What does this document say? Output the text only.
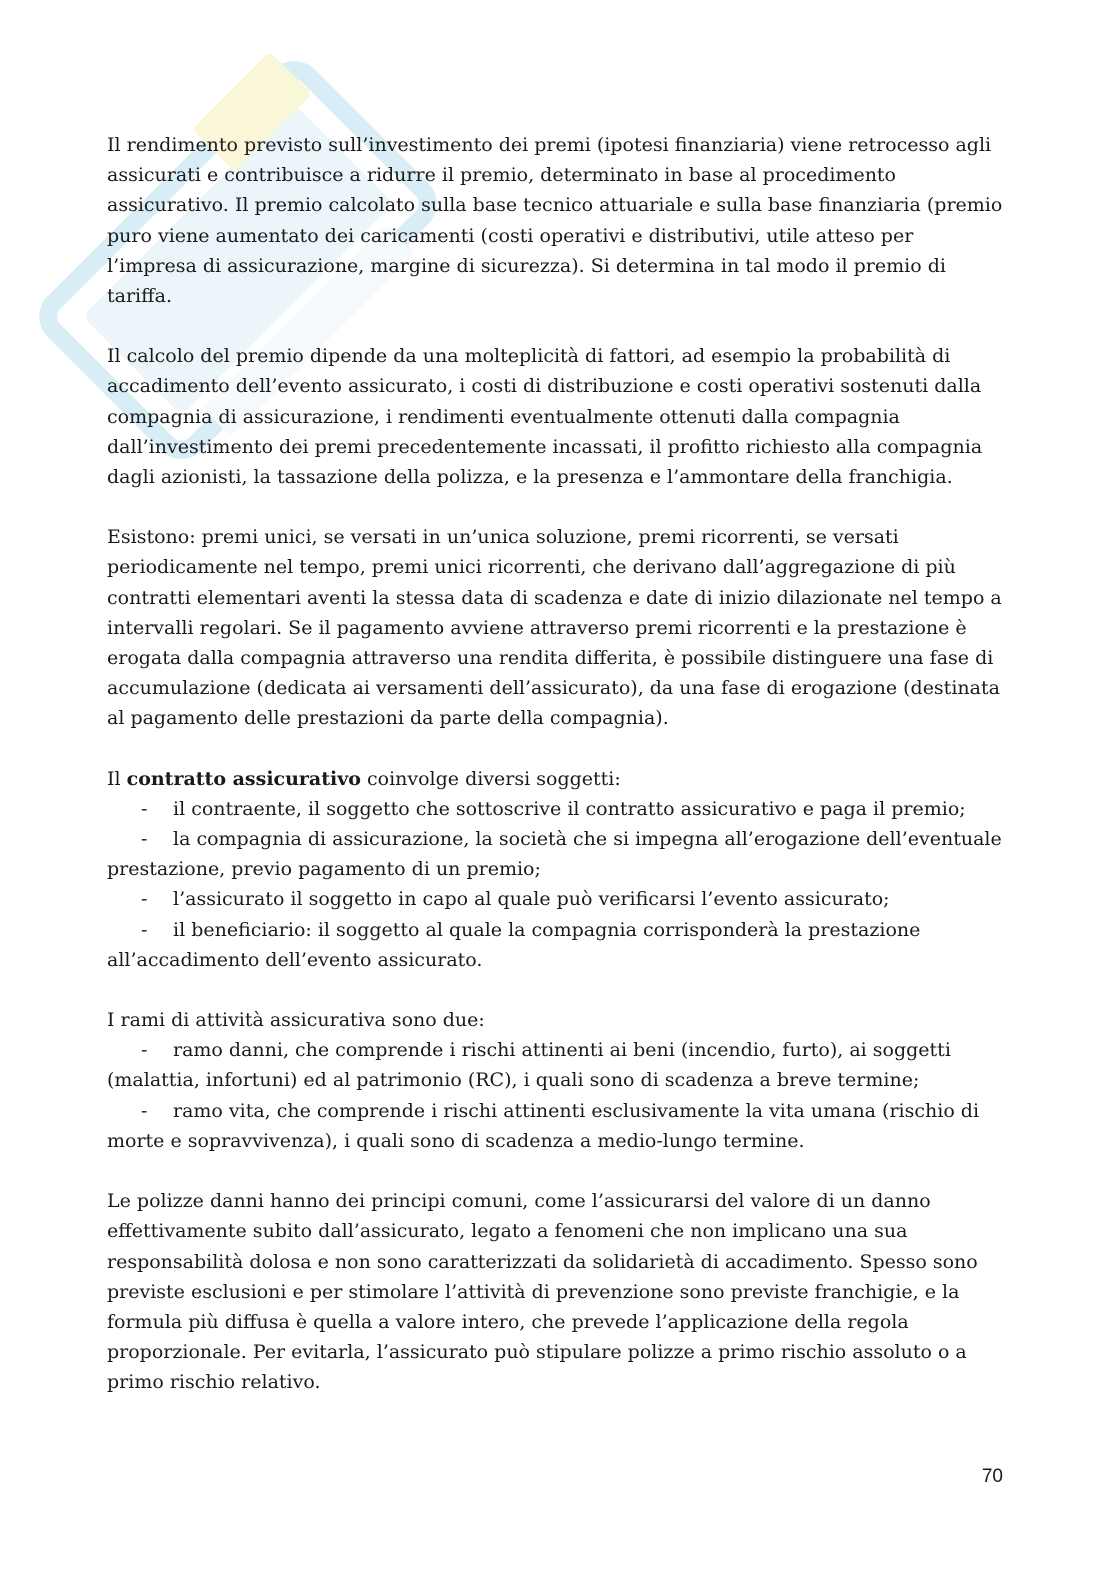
Il rendimento previsto sull’investimento dei premi (ipotesi finanziaria) viene retrocesso agli assicurati e contribuisce a ridurre il premio, determinato in base al procedimento assicurativo. Il premio calcolato sulla base tecnico attuariale e sulla base finanziaria (premio puro viene aumentato dei caricamenti (costi operativi e distributivi, utile atteso per l’impresa di assicurazione, margine di sicurezza). Si determina in tal modo il premio di tariffa.

Il calcolo del premio dipende da una molteplicità di fattori, ad esempio la probabilità di accadimento dell’evento assicurato, i costi di distribuzione e costi operativi sostenuti dalla compagnia di assicurazione, i rendimenti eventualmente ottenuti dalla compagnia dall’investimento dei premi precedentemente incassati, il profitto richiesto alla compagnia dagli azionisti, la tassazione della polizza, e la presenza e l’ammontare della franchigia.

Esistono: premi unici, se versati in un’unica soluzione, premi ricorrenti, se versati periodicamente nel tempo, premi unici ricorrenti, che derivano dall’aggregazione di più contratti elementari aventi la stessa data di scadenza e date di inizio dilazionate nel tempo a intervalli regolari. Se il pagamento avviene attraverso premi ricorrenti e la prestazione è erogata dalla compagnia attraverso una rendita differita, è possibile distinguere una fase di accumulazione (dedicata ai versamenti dell’assicurato), da una fase di erogazione (destinata al pagamento delle prestazioni da parte della compagnia).

Il contratto assicurativo coinvolge diversi soggetti:
- il contraente, il soggetto che sottoscrive il contratto assicurativo e paga il premio;
- la compagnia di assicurazione, la società che si impegna all’erogazione dell’eventuale prestazione, previo pagamento di un premio;
- l’assicurato il soggetto in capo al quale può verificarsi l’evento assicurato;
- il beneficiario: il soggetto al quale la compagnia corrisponderà la prestazione all’accadimento dell’evento assicurato.

I rami di attività assicurativa sono due:
- ramo danni, che comprende i rischi attinenti ai beni (incendio, furto), ai soggetti (malattia, infortuni) ed al patrimonio (RC), i quali sono di scadenza a breve termine;
- ramo vita, che comprende i rischi attinenti esclusivamente la vita umana (rischio di morte e sopravvivenza), i quali sono di scadenza a medio-lungo termine.

Le polizze danni hanno dei principi comuni, come l’assicurarsi del valore di un danno effettivamente subito dall’assicurato, legato a fenomeni che non implicano una sua responsabilità dolosa e non sono caratterizzati da solidarietà di accadimento. Spesso sono previste esclusioni e per stimolare l’attività di prevenzione sono previste franchigie, e la formula più diffusa è quella a valore intero, che prevede l’applicazione della regola proporzionale. Per evitarla, l’assicurato può stipulare polizze a primo rischio assoluto o a primo rischio relativo.

70
